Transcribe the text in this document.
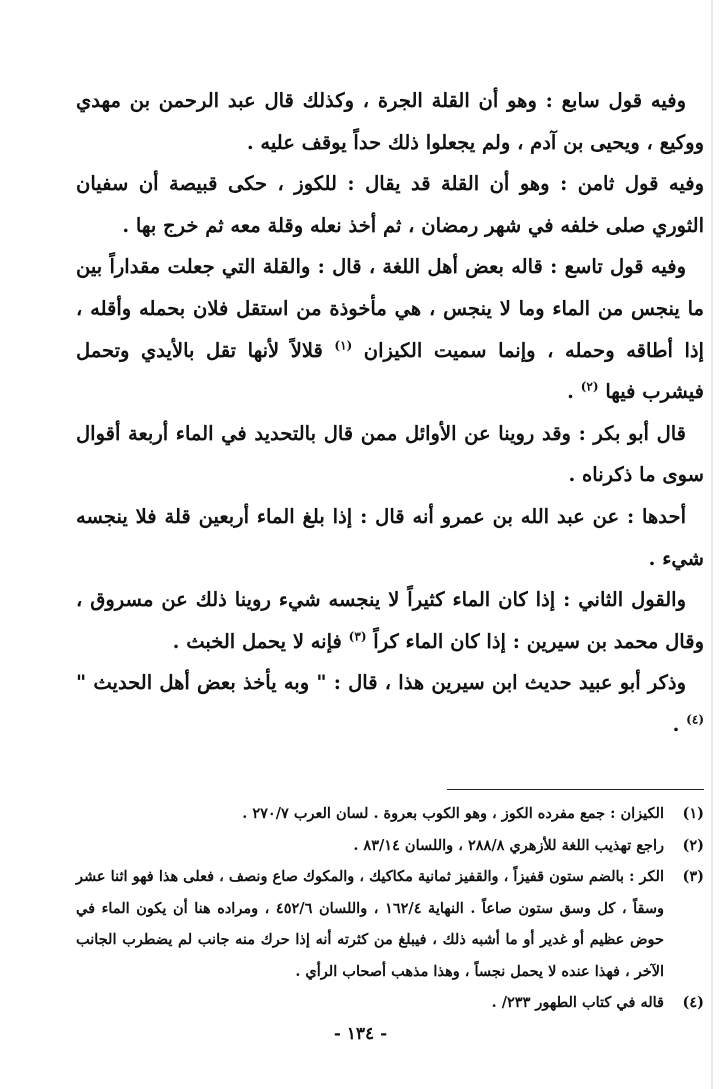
وفيه قول سابع : وهو أن القلة الجرة ، وكذلك قال عبد الرحمن بن مهدي ووكيع ، ويحيى بن آدم ، ولم يجعلوا ذلك حداً يوقف عليه .

وفيه قول ثامن : وهو أن القلة قد يقال : للكوز ، حكى قبيصة أن سفيان الثوري صلى خلفه في شهر رمضان ، ثم أخذ نعله وقلة معه ثم خرج بها .

وفيه قول تاسع : قاله بعض أهل اللغة ، قال : والقلة التي جعلت مقداراً بين ما ينجس من الماء وما لا ينجس ، هي مأخوذة من استقل فلان بحمله وأقله ، إذا أطاقه وحمله ، وإنما سميت الكيزان $^{(١)}$ قلالاً لأنها تقل بالأيدي وتحمل فيشرب فيها $^{(٢)}$ .

قال أبو بكر : وقد روينا عن الأوائل ممن قال بالتحديد في الماء أربعة أقوال سوى ما ذكرناه .

أحدها : عن عبد الله بن عمرو أنه قال : إذا بلغ الماء أربعين قلة فلا ينجسه شيء .

والقول الثاني : إذا كان الماء كثيراً لا ينجسه شيء روينا ذلك عن مسروق ، وقال محمد بن سيرين : إذا كان الماء كراً $^{(٣)}$ فإنه لا يحمل الخبث .

وذكر أبو عبيد حديث ابن سيرين هذا ، قال : " وبه يأخذ بعض أهل الحديث " $^{(٤)}$ .

(١)
الكيزان : جمع مفرده الكوز ، وهو الكوب بعروة . لسان العرب ٢٧٠/٧ .
(٢)
راجع تهذيب اللغة للأزهري ٢٨٨/٨ ، واللسان ٨٣/١٤ .
(٣)
الكر : بالضم ستون قفيزاً ، والقفيز ثمانية مكاكيك ، والمكوك صاع ونصف ، فعلى هذا فهو اثنا عشر وسقاً ، كل وسق ستون صاعاً . النهاية ١٦٢/٤ ، واللسان ٤٥٢/٦ ، ومراده هنا أن يكون الماء في حوض عظيم أو غدير أو ما أشبه ذلك ، فيبلغ من كثرته أنه إذا حرك منه جانب لم يضطرب الجانب الآخر ، فهذا عنده لا يحمل نجساً ، وهذا مذهب أصحاب الرأي .
(٤)
قاله في كتاب الطهور ٢٣٣/ .
- ١٣٤ -
